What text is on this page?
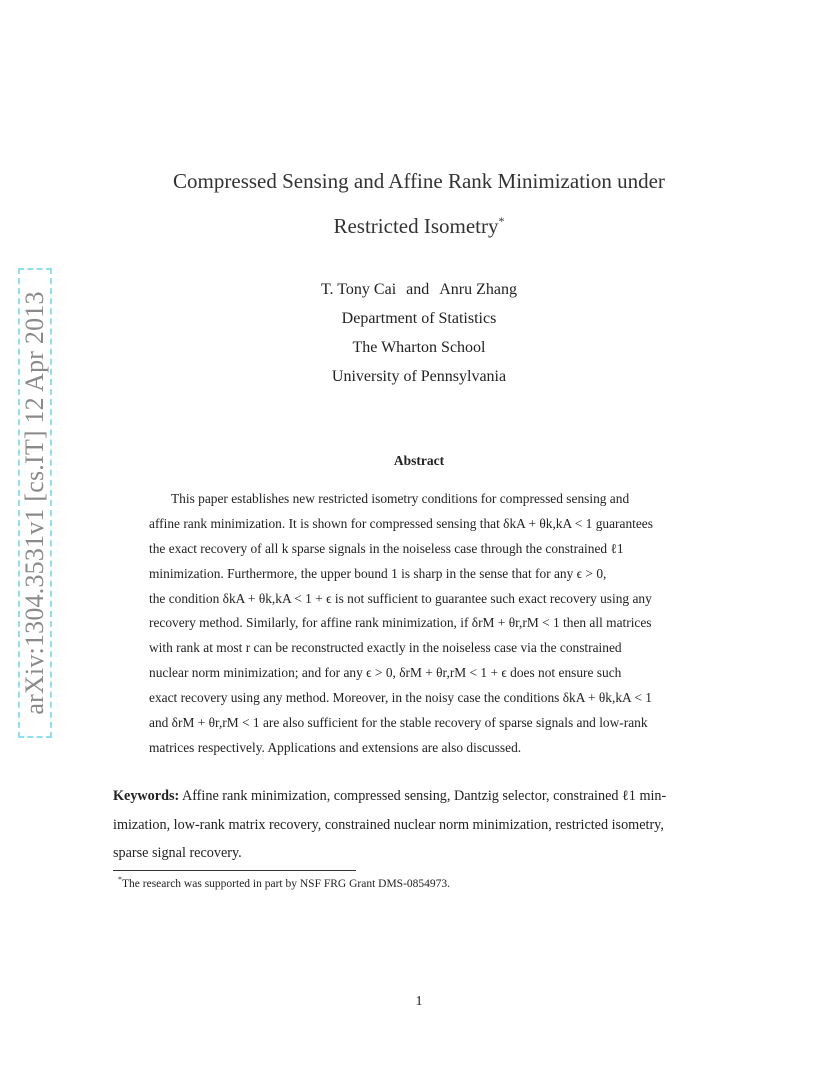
arXiv:1304.3531v1 [cs.IT] 12 Apr 2013
Compressed Sensing and Affine Rank Minimization under
Restricted Isometry*
T. Tony Cai and Anru Zhang
Department of Statistics
The Wharton School
University of Pennsylvania
Abstract
This paper establishes new restricted isometry conditions for compressed sensing and
affine rank minimization. It is shown for compressed sensing that δkA + θk,kA < 1 guarantees
the exact recovery of all k sparse signals in the noiseless case through the constrained ℓ1
minimization. Furthermore, the upper bound 1 is sharp in the sense that for any ϵ > 0,
the condition δkA + θk,kA < 1 + ϵ is not sufficient to guarantee such exact recovery using any
recovery method. Similarly, for affine rank minimization, if δrM + θr,rM < 1 then all matrices
with rank at most r can be reconstructed exactly in the noiseless case via the constrained
nuclear norm minimization; and for any ϵ > 0, δrM + θr,rM < 1 + ϵ does not ensure such
exact recovery using any method. Moreover, in the noisy case the conditions δkA + θk,kA < 1
and δrM + θr,rM < 1 are also sufficient for the stable recovery of sparse signals and low-rank
matrices respectively. Applications and extensions are also discussed.
Keywords: Affine rank minimization, compressed sensing, Dantzig selector, constrained ℓ1 min-
imization, low-rank matrix recovery, constrained nuclear norm minimization, restricted isometry,
sparse signal recovery.
*The research was supported in part by NSF FRG Grant DMS-0854973.
1
